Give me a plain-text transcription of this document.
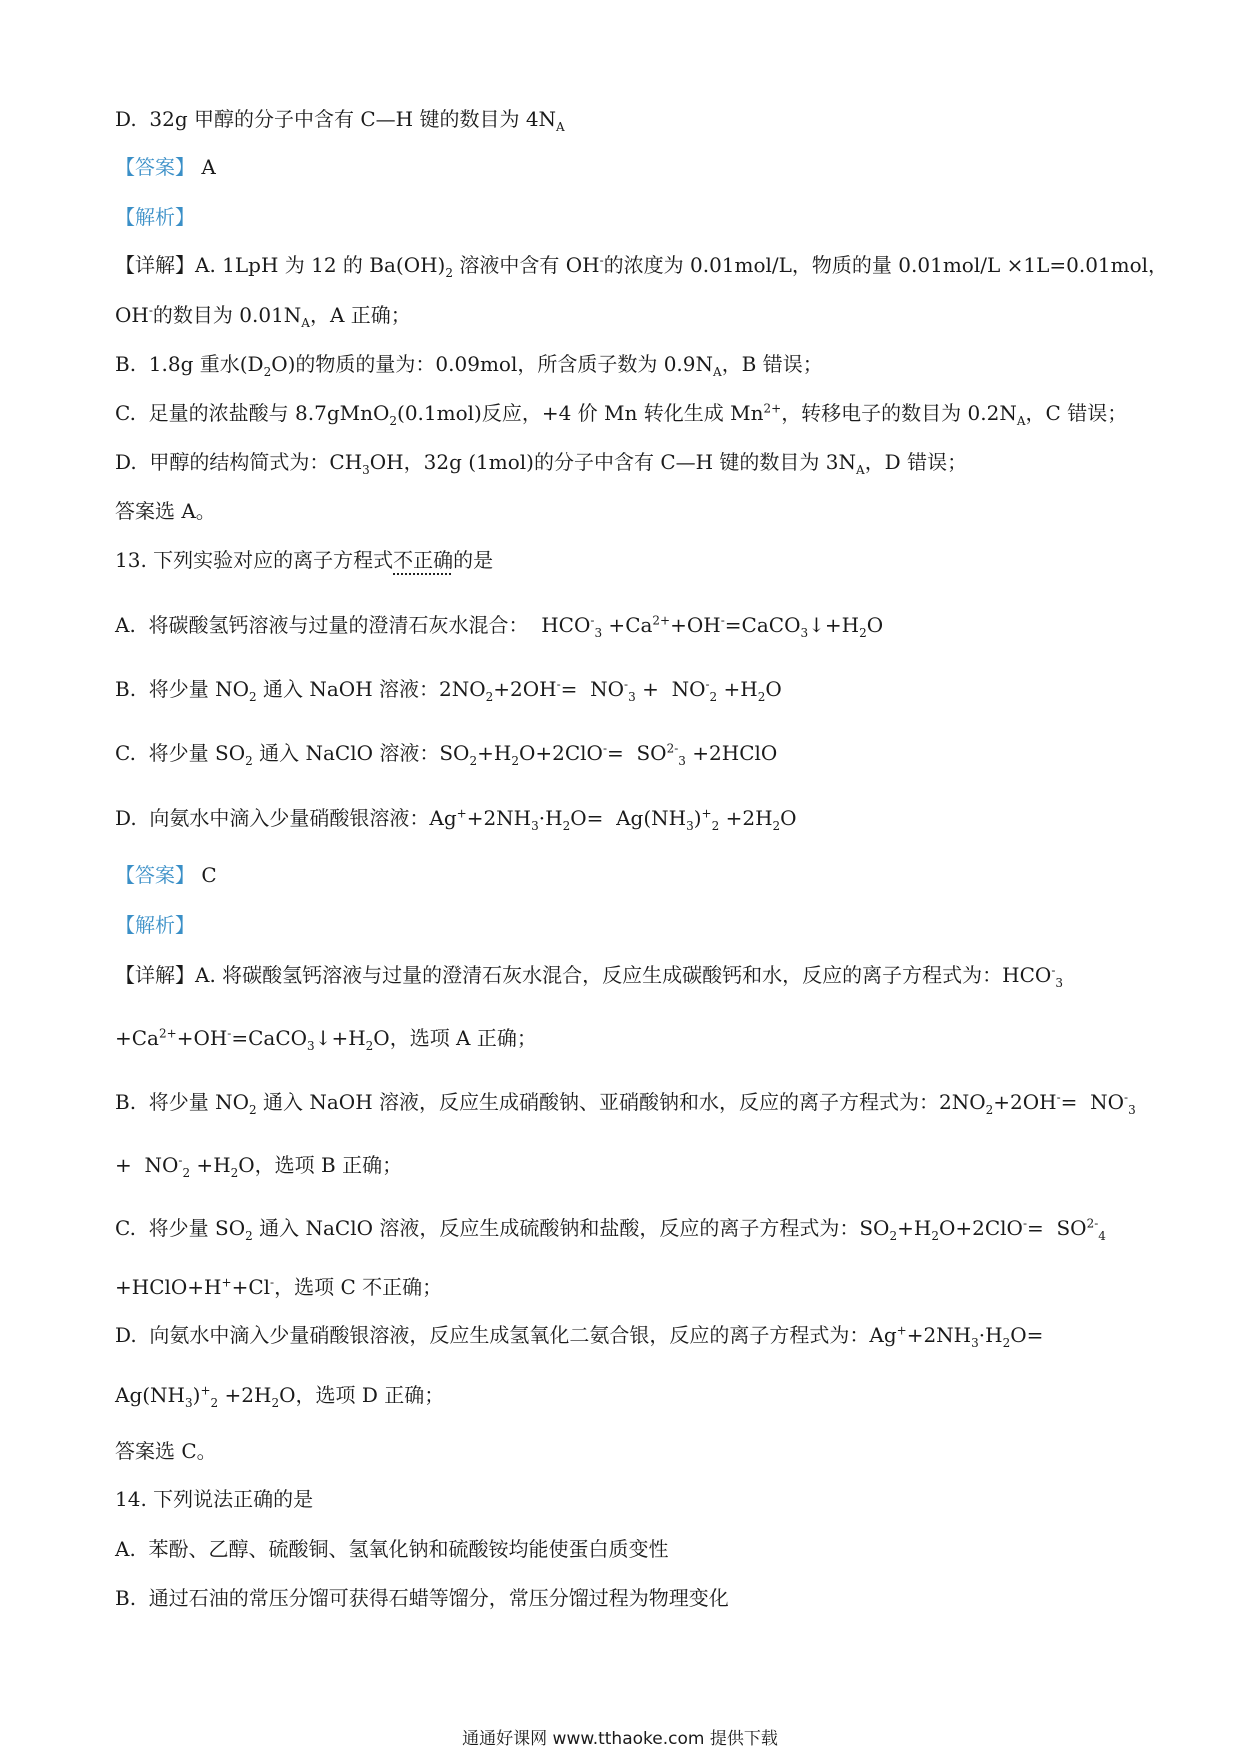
D.  32g 甲醇的分子中含有 C—H 键的数目为 $4N_A$
【答案】 A
【解析】
【详解】A. 1LpH 为 12 的 $Ba(OH)_2$ 溶液中含有 OH-的浓度为 0.01mol/L，物质的量 0.01mol/L ×1L=0.01mol，
OH-的数目为 $0.01N_A$，A 正确；
B.  1.8g 重水$(D_2O)$的物质的量为：0.09mol，所含质子数为 $0.9N_A$，B 错误；
C.  足量的浓盐酸与 8.7gMnO$_2$(0.1mol)反应，+4 价 Mn 转化生成 $Mn^{2+}$，转移电子的数目为 $0.2N_A$，C 错误；
D.  甲醇的结构简式为：$CH_3OH$，32g (1mol)的分子中含有 C—H 键的数目为 $3N_A$，D 错误；
答案选 A。
13. 下列实验对应的离子方程式不正确的是
A.  将碳酸氢钙溶液与过量的澄清石灰水混合：  $HCO^-_3$ $+Ca^{2+}+OH^-=CaCO_3↓+H_2O$
B.  将少量 $NO_2$ 通入 NaOH 溶液：$2NO_2+2OH^-= NO^-_3 + NO^-_2 +H_2O$
C.  将少量 $SO_2$ 通入 NaClO 溶液：$SO_2+H_2O+2ClO^-= SO^{2-}_3$ +2HClO
D.  向氨水中滴入少量硝酸银溶液：$Ag^++2NH_3\cdot H_2O= Ag(NH_3)^+_2 +2H_2O$
【答案】 C
【解析】
【详解】A. 将碳酸氢钙溶液与过量的澄清石灰水混合，反应生成碳酸钙和水，反应的离子方程式为：$HCO^-_3$
$+Ca^{2+}+OH^-=CaCO_3↓+H_2O$，选项 A 正确；
B.  将少量 $NO_2$ 通入 NaOH 溶液，反应生成硝酸钠、亚硝酸钠和水，反应的离子方程式为：$2NO_2+2OH^-= NO^-_3$
+  $NO^-_2 +H_2O$，选项 B 正确；
C.  将少量 $SO_2$ 通入 NaClO 溶液，反应生成硫酸钠和盐酸，反应的离子方程式为：$SO_2+H_2O+2ClO^-= SO^{2-}_4$
+HClO+H++Cl-，选项 C 不正确；
D.  向氨水中滴入少量硝酸银溶液，反应生成氢氧化二氨合银，反应的离子方程式为：$Ag^++2NH_3\cdot H_2O=$
$Ag(NH_3)^+_2 +2H_2O$，选项 D 正确；
答案选 C。
14. 下列说法正确的是
A.  苯酚、乙醇、硫酸铜、氢氧化钠和硫酸铵均能使蛋白质变性
B.  通过石油的常压分馏可获得石蜡等馏分，常压分馏过程为物理变化
通通好课网 www.tthaoke.com 提供下载
